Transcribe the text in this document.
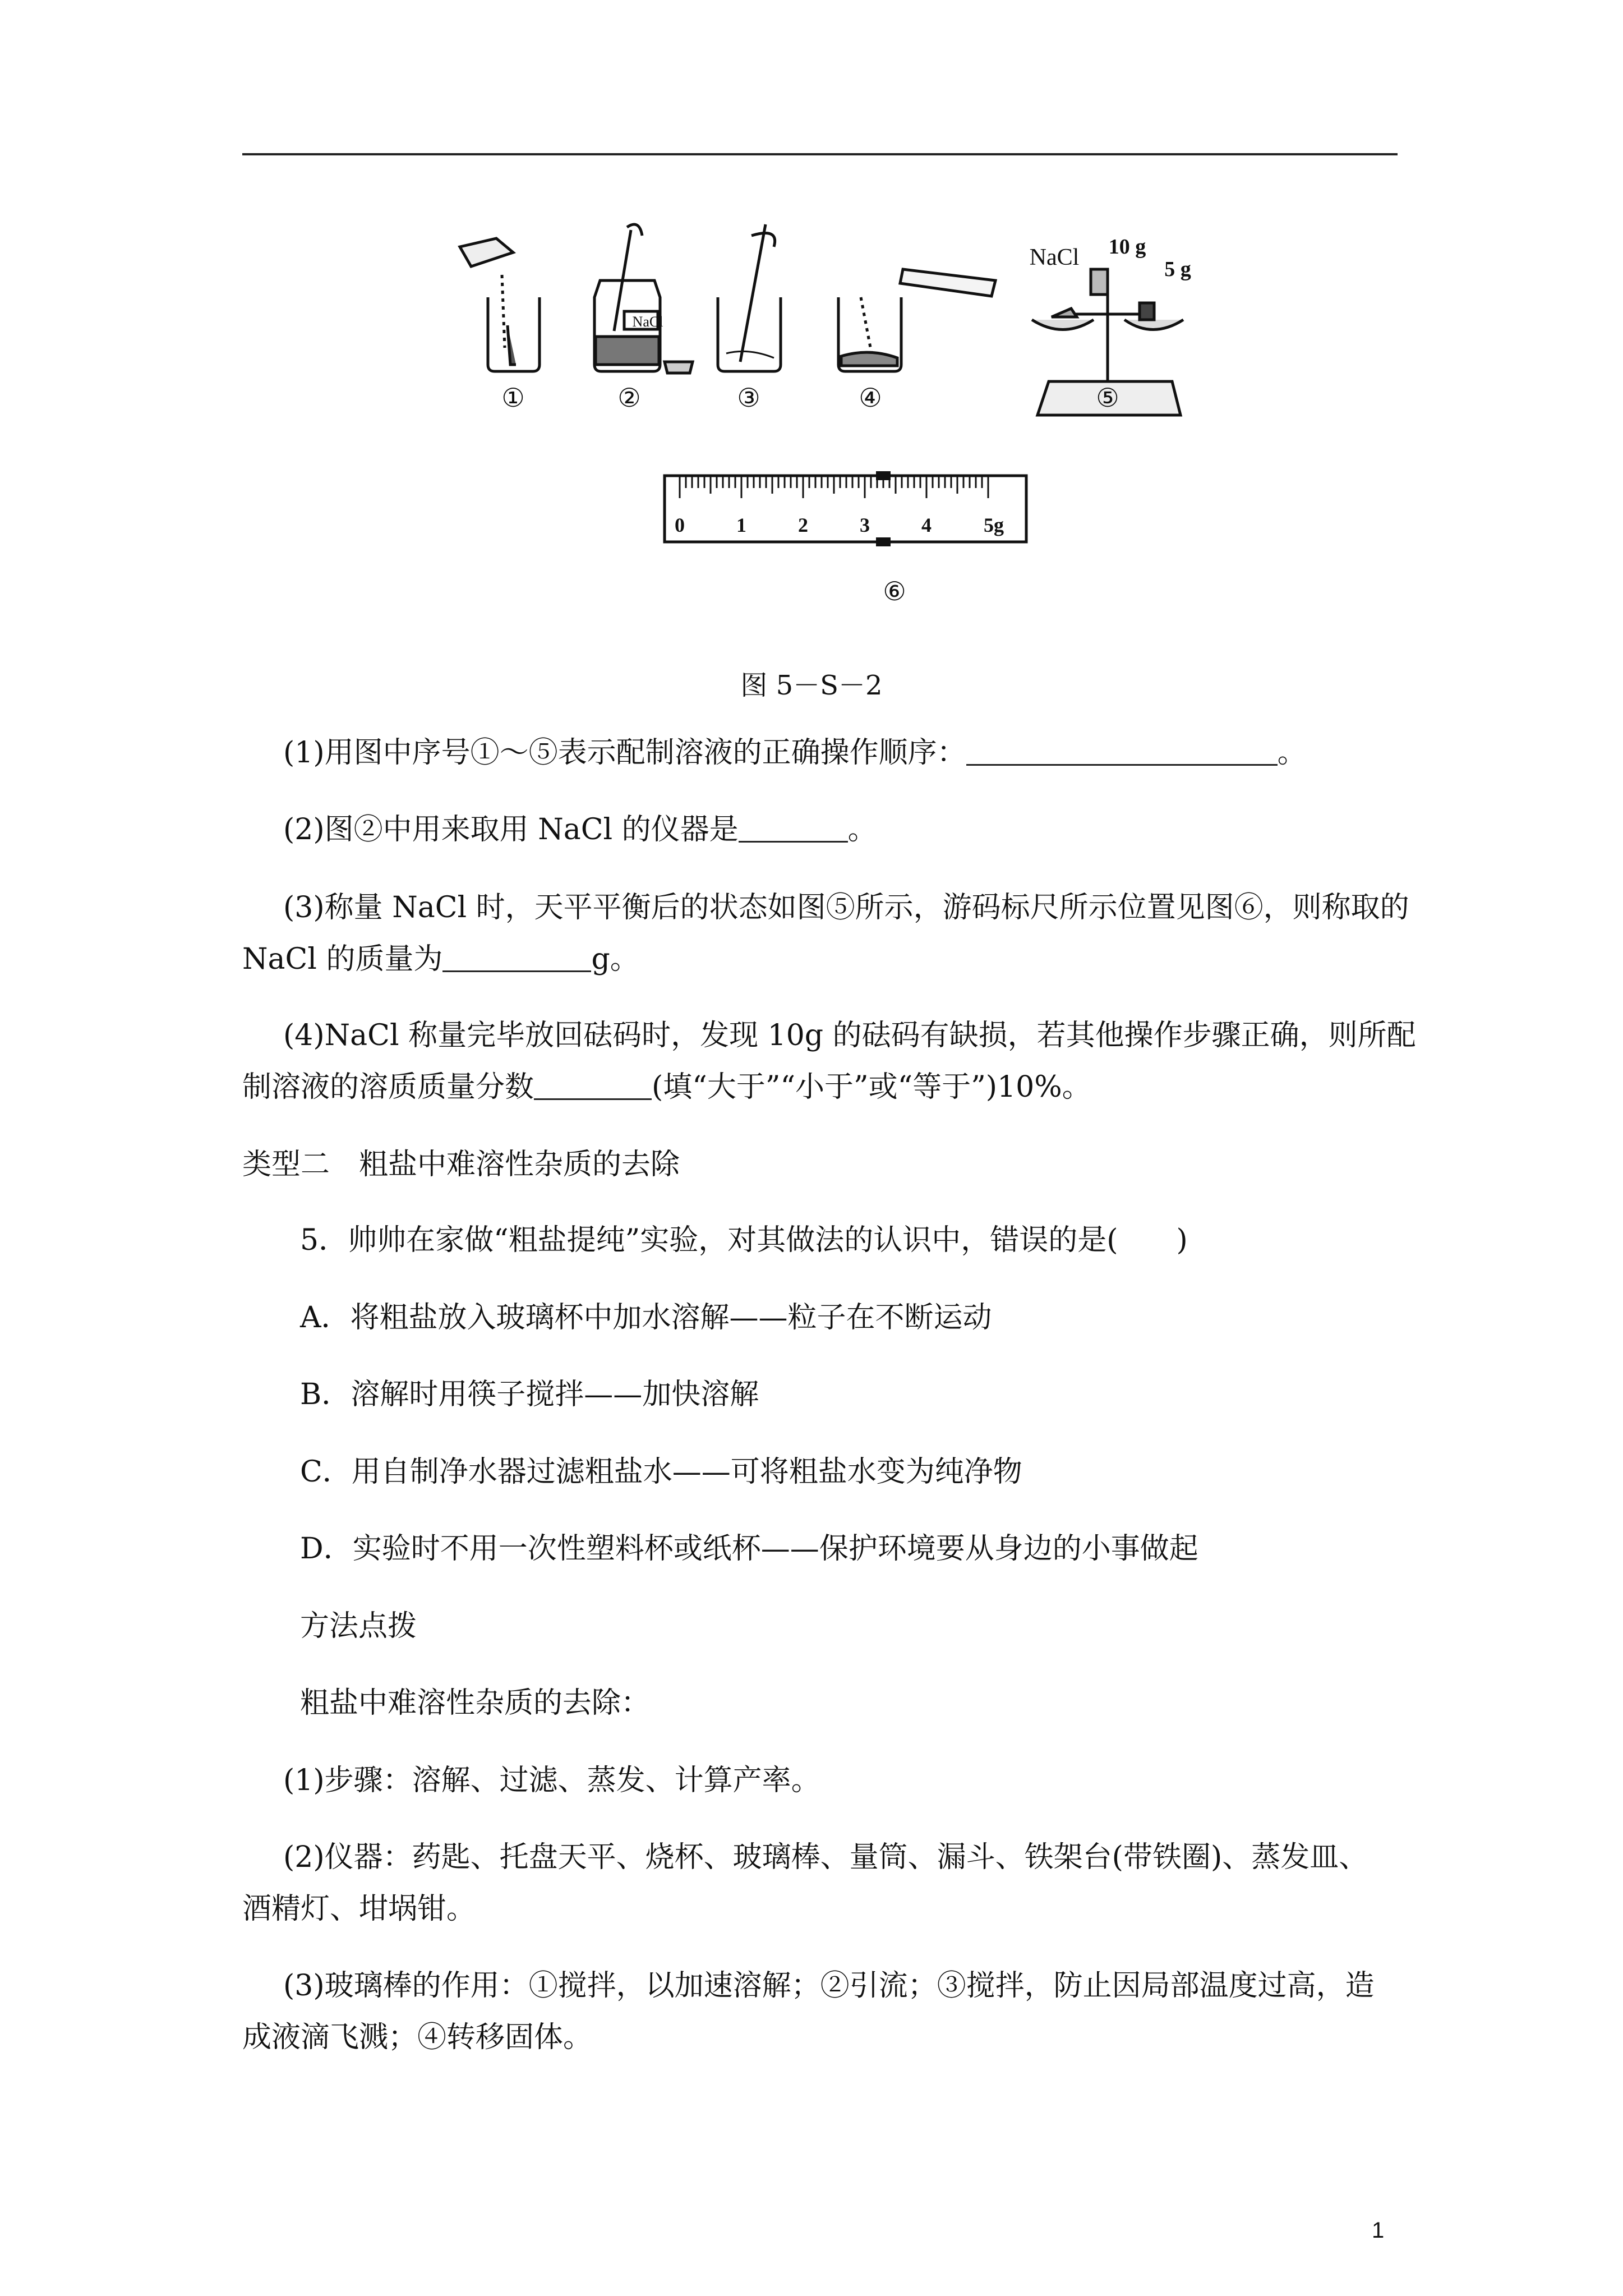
NaCl
NaCl 10 g
5 g
①	②	③	④	⑤
⑥
0	1	2	3	4	5g
图 5－S－2
(1)用图中序号①～⑤表示配制溶液的正确操作顺序：	。
(2)图②中用来取用 NaCl 的仪器是	。
(3)称量 NaCl 时，天平平衡后的状态如图⑤所示，游码标尺所示位置见图⑥，则称取的
NaCl 的质量为	g。
(4)NaCl 称量完毕放回砝码时，发现 10g 的砝码有缺损，若其他操作步骤正确，则所配
制溶液的溶质质量分数	(填“大于”“小于”或“等于”)10%。
类型二　粗盐中难溶性杂质的去除
5．帅帅在家做“粗盐提纯”实验，对其做法的认识中，错误的是(　　)
A．将粗盐放入玻璃杯中加水溶解——粒子在不断运动
B．溶解时用筷子搅拌——加快溶解
C．用自制净水器过滤粗盐水——可将粗盐水变为纯净物
D．实验时不用一次性塑料杯或纸杯——保护环境要从身边的小事做起
方法点拨
粗盐中难溶性杂质的去除：
(1)步骤：溶解、过滤、蒸发、计算产率。
(2)仪器：药匙、托盘天平、烧杯、玻璃棒、量筒、漏斗、铁架台(带铁圈)、蒸发皿、
酒精灯、坩埚钳。
(3)玻璃棒的作用：①搅拌，以加速溶解；②引流；③搅拌，防止因局部温度过高，造
成液滴飞溅；④转移固体。
1
